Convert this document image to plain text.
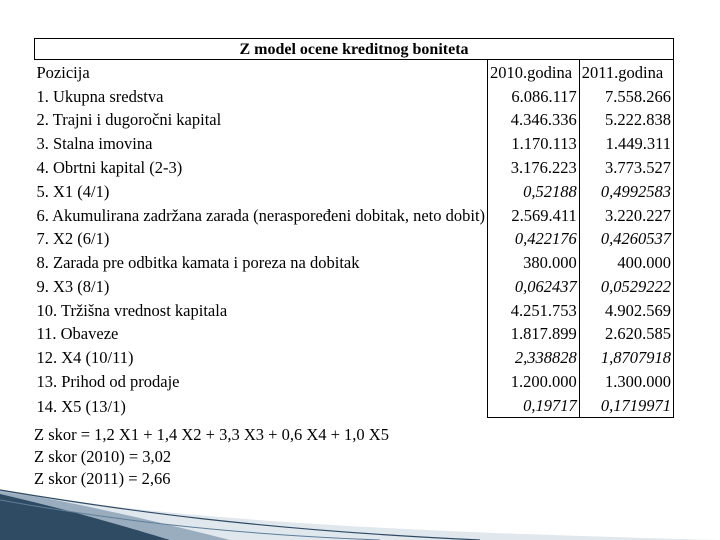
Z model ocene kreditnog boniteta		
Pozicija	2010.godina	2011.godina
1. Ukupna sredstva	6.086.117	7.558.266
2. Trajni i dugoročni kapital	4.346.336	5.222.838
3. Stalna imovina	1.170.113	1.449.311
4. Obrtni kapital (2-3)	3.176.223	3.773.527
5. X1 (4/1)	0,52188	0,4992583
6. Akumulirana zadržana zarada (neraspoređeni dobitak, neto dobit)	2.569.411	3.220.227
7. X2 (6/1)	0,422176	0,4260537
8. Zarada pre odbitka kamata i poreza na dobitak	380.000	400.000
9. X3 (8/1)	0,062437	0,0529222
10. Tržišna vrednost kapitala	4.251.753	4.902.569
11. Obaveze	1.817.899	2.620.585
12. X4 (10/11)	2,338828	1,8707918
13. Prihod od prodaje	1.200.000	1.300.000
14. X5 (13/1)	0,19717	0,1719971
Z skor = 1,2 X1 + 1,4 X2 + 3,3 X3 + 0,6 X4 + 1,0 X5
Z skor (2010) = 3,02
Z skor (2011) = 2,66
